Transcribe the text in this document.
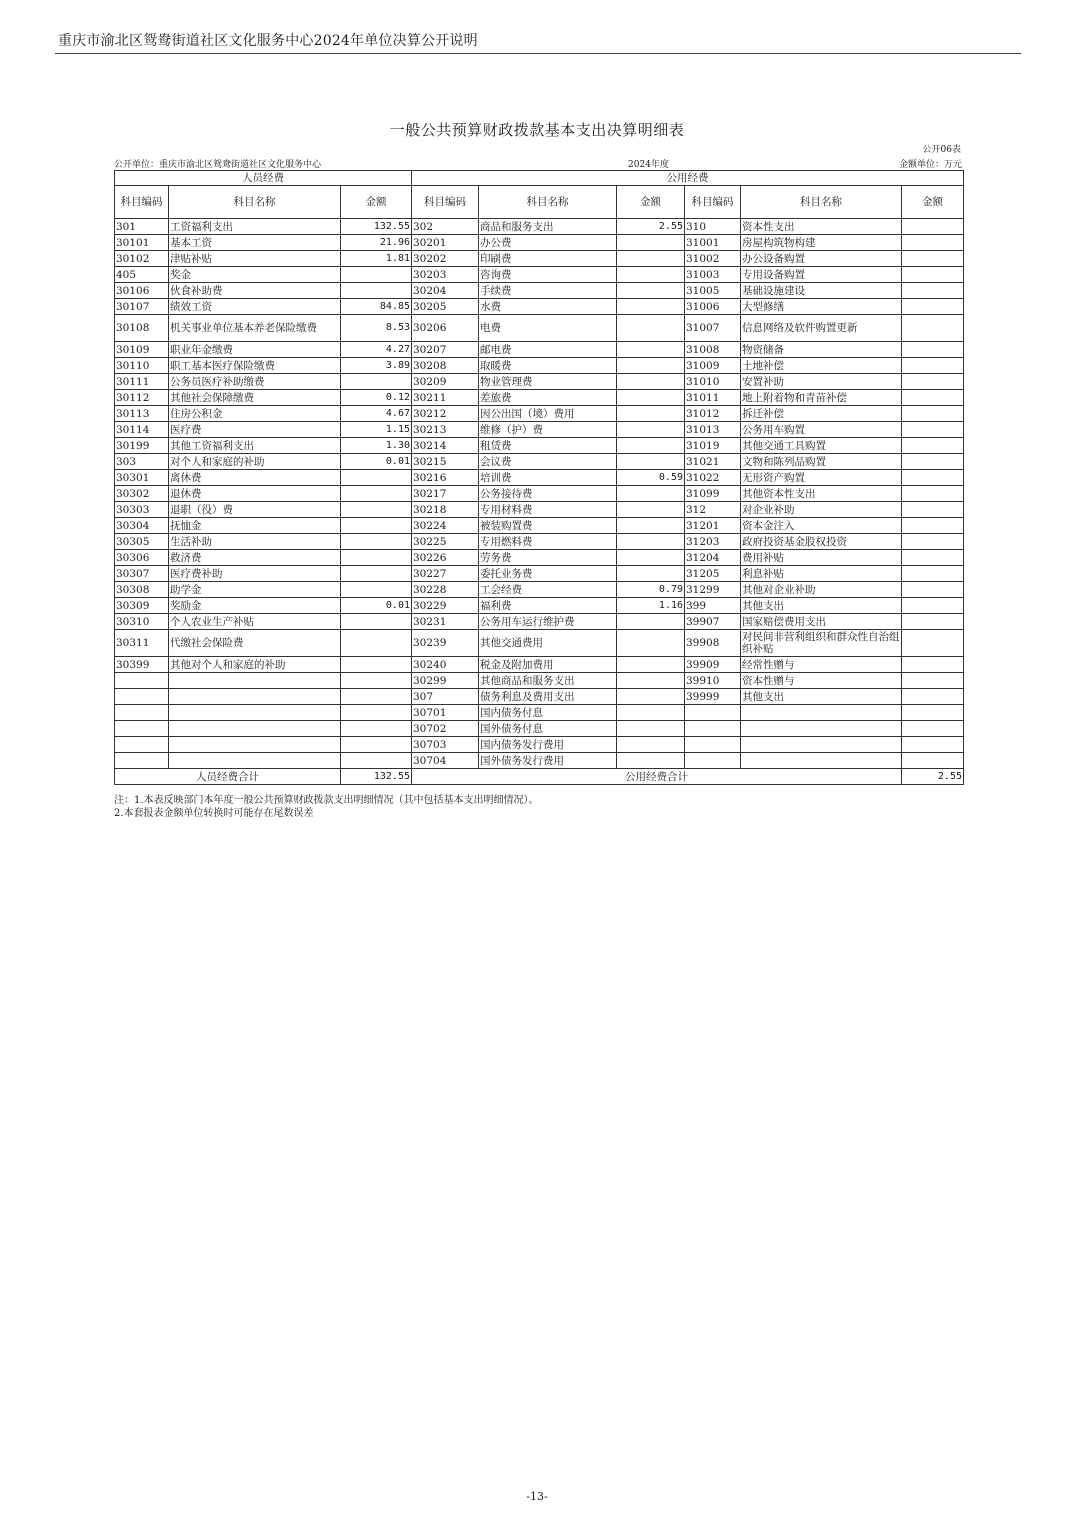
重庆市渝北区鸳鸯街道社区文化服务中心2024年单位决算公开说明
一般公共预算财政拨款基本支出决算明细表
公开06表
公开单位：重庆市渝北区鸳鸯街道社区文化服务中心	2024年度	金额单位：万元
人员经费			公用经费					
科目编码	科目名称	金额	科目编码	科目名称	金额	科目编码	科目名称	金额
301	工资福利支出	132.55	302	商品和服务支出	2.55	310	资本性支出	
30101	基本工资	21.96	30201	办公费		31001	房屋构筑物构建	
30102	津贴补贴	1.81	30202	印刷费		31002	办公设备购置	
405	奖金		30203	咨询费		31003	专用设备购置	
30106	伙食补助费		30204	手续费		31005	基础设施建设	
30107	绩效工资	84.85	30205	水费		31006	大型修缮	
30108	机关事业单位基本养老保险缴费	8.53	30206	电费		31007	信息网络及软件购置更新	
30109	职业年金缴费	4.27	30207	邮电费		31008	物资储备	
30110	职工基本医疗保险缴费	3.89	30208	取暖费		31009	土地补偿	
30111	公务员医疗补助缴费		30209	物业管理费		31010	安置补助	
30112	其他社会保障缴费	0.12	30211	差旅费		31011	地上附着物和青苗补偿	
30113	住房公积金	4.67	30212	因公出国（境）费用		31012	拆迁补偿	
30114	医疗费	1.15	30213	维修（护）费		31013	公务用车购置	
30199	其他工资福利支出	1.30	30214	租赁费		31019	其他交通工具购置	
303	对个人和家庭的补助	0.01	30215	会议费		31021	文物和陈列品购置	
30301	离休费		30216	培训费	0.59	31022	无形资产购置	
30302	退休费		30217	公务接待费		31099	其他资本性支出	
30303	退职（役）费		30218	专用材料费		312	对企业补助	
30304	抚恤金		30224	被装购置费		31201	资本金注入	
30305	生活补助		30225	专用燃料费		31203	政府投资基金股权投资	
30306	救济费		30226	劳务费		31204	费用补贴	
30307	医疗费补助		30227	委托业务费		31205	利息补贴	
30308	助学金		30228	工会经费	0.79	31299	其他对企业补助	
30309	奖励金	0.01	30229	福利费	1.16	399	其他支出	
30310	个人农业生产补贴		30231	公务用车运行维护费		39907	国家赔偿费用支出	
30311	代缴社会保险费		30239	其他交通费用		39908	对民间非营利组织和群众性自治组织补贴	
30399	其他对个人和家庭的补助		30240	税金及附加费用		39909	经常性赠与	
			30299	其他商品和服务支出		39910	资本性赠与	
			307	债务利息及费用支出		39999	其他支出	
			30701	国内债务付息				
			30702	国外债务付息				
			30703	国内债务发行费用				
			30704	国外债务发行费用				
人员经费合计		132.55	公用经费合计					2.55
注：1.本表反映部门本年度一般公共预算财政拨款支出明细情况（其中包括基本支出明细情况）。
2.本套报表金额单位转换时可能存在尾数误差
-13-
